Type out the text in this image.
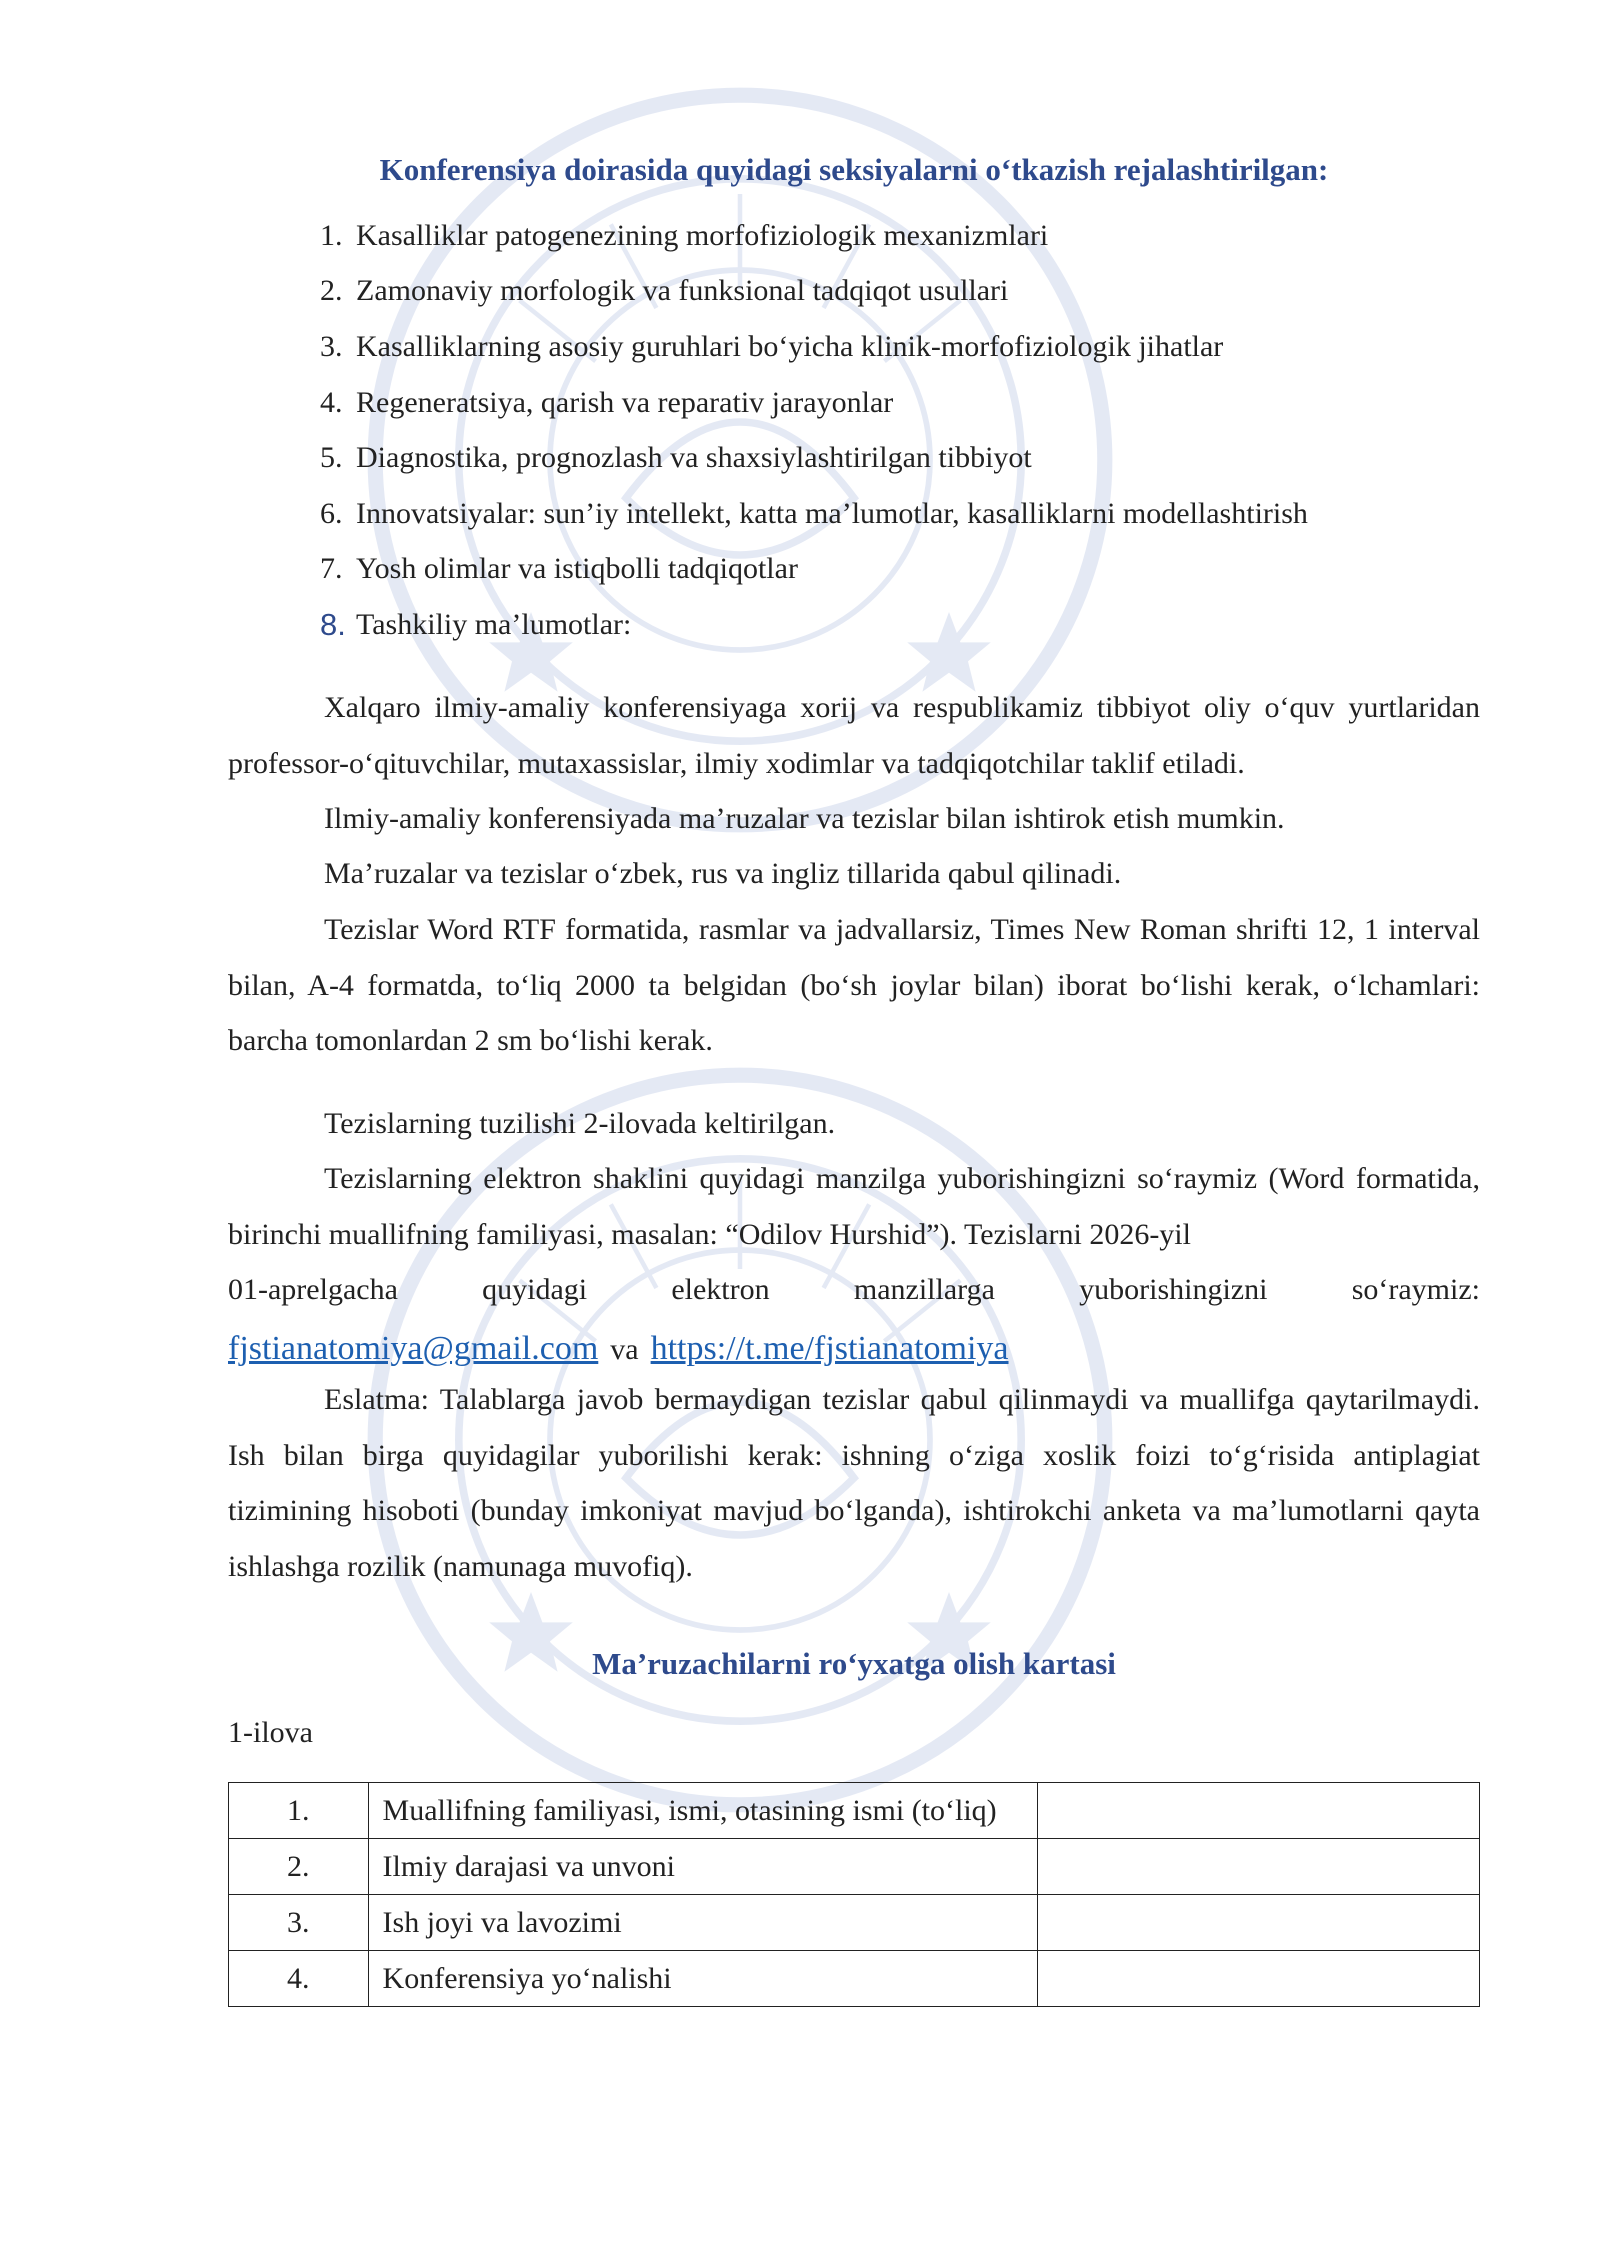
Konferensiya doirasida quyidagi seksiyalarni o‘tkazish rejalashtirilgan:
1. Kasalliklar patogenezining morfofiziologik mexanizmlari
2. Zamonaviy morfologik va funksional tadqiqot usullari
3. Kasalliklarning asosiy guruhlari bo‘yicha klinik-morfofiziologik jihatlar
4. Regeneratsiya, qarish va reparativ jarayonlar
5. Diagnostika, prognozlash va shaxsiylashtirilgan tibbiyot
6. Innovatsiyalar: sun’iy intellekt, katta ma’lumotlar, kasalliklarni modellashtirish
7. Yosh olimlar va istiqbolli tadqiqotlar
8. Tashkiliy ma’lumotlar:
Xalqaro ilmiy-amaliy konferensiyaga xorij va respublikamiz tibbiyot oliy o‘quv yurtlaridan professor-o‘qituvchilar, mutaxassislar, ilmiy xodimlar va tadqiqotchilar taklif etiladi.
Ilmiy-amaliy konferensiyada ma’ruzalar va tezislar bilan ishtirok etish mumkin.
Ma’ruzalar va tezislar o‘zbek, rus va ingliz tillarida qabul qilinadi.
Tezislar Word RTF formatida, rasmlar va jadvallarsiz, Times New Roman shrifti 12, 1 interval bilan, A-4 formatda, to‘liq 2000 ta belgidan (bo‘sh joylar bilan) iborat bo‘lishi kerak, o‘lchamlari: barcha tomonlardan 2 sm bo‘lishi kerak.
Tezislarning tuzilishi 2-ilovada keltirilgan.
Tezislarning elektron shaklini quyidagi manzilga yuborishingizni so‘raymiz (Word formatida, birinchi muallifning familiyasi, masalan: “Odilov Hurshid”). Tezislarni 2026-yil
01-aprelgacha	quyidagi	elektron	manzillarga	yuborishingizni	so‘raymiz:
fjstianatomiya@gmail.com va https://t.me/fjstianatomiya
Eslatma: Talablarga javob bermaydigan tezislar qabul qilinmaydi va muallifga qaytarilmaydi. Ish bilan birga quyidagilar yuborilishi kerak: ishning o‘ziga xoslik foizi to‘g‘risida antiplagiat tizimining hisoboti (bunday imkoniyat mavjud bo‘lganda), ishtirokchi anketa va ma’lumotlarni qayta ishlashga rozilik (namunaga muvofiq).
Ma’ruzachilarni ro‘yxatga olish kartasi
1-ilova
1.	Muallifning familiyasi, ismi, otasining ismi (to‘liq)	
2.	Ilmiy darajasi va unvoni	
3.	Ish joyi va lavozimi	
4.	Konferensiya yo‘nalishi	
